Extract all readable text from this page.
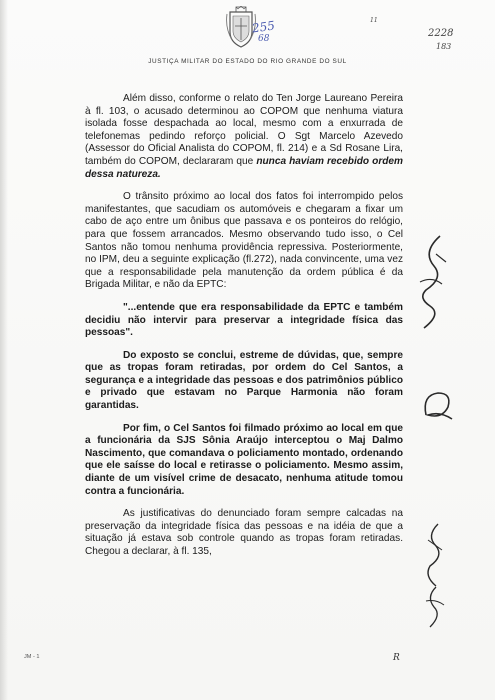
255
68
11
2228
183
JUSTIÇA MILITAR DO ESTADO DO RIO GRANDE DO SUL

Além disso, conforme o relato do Ten Jorge Laureano Pereira à fl. 103, o acusado determinou ao COPOM que nenhuma viatura isolada fosse despachada ao local, mesmo com a enxurrada de telefonemas pedindo reforço policial. O Sgt Marcelo Azevedo (Assessor do Oficial Analista do COPOM, fl. 214) e a Sd Rosane Lira, também do COPOM, declararam que nunca haviam recebido ordem dessa natureza.

O trânsito próximo ao local dos fatos foi interrompido pelos manifestantes, que sacudiam os automóveis e chegaram a fixar um cabo de aço entre um ônibus que passava e os ponteiros do relógio, para que fossem arrancados. Mesmo observando tudo isso, o Cel Santos não tomou nenhuma providência repressiva. Posteriormente, no IPM, deu a seguinte explicação (fl.272), nada convincente, uma vez que a responsabilidade pela manutenção da ordem pública é da Brigada Militar, e não da EPTC:

"...entende que era responsabilidade da EPTC e também decidiu não intervir para preservar a integridade física das pessoas".

Do exposto se conclui, estreme de dúvidas, que, sempre que as tropas foram retiradas, por ordem do Cel Santos, a segurança e a integridade das pessoas e dos patrimônios público e privado que estavam no Parque Harmonia não foram garantidas.

Por fim, o Cel Santos foi filmado próximo ao local em que a funcionária da SJS Sônia Araújo interceptou o Maj Dalmo Nascimento, que comandava o policiamento montado, ordenando que ele saísse do local e retirasse o policiamento. Mesmo assim, diante de um visível crime de desacato, nenhuma atitude tomou contra a funcionária.

As justificativas do denunciado foram sempre calcadas na preservação da integridade física das pessoas e na idéia de que a situação já estava sob controle quando as tropas foram retiradas. Chegou a declarar, à fl. 135,

R
JM - 1
